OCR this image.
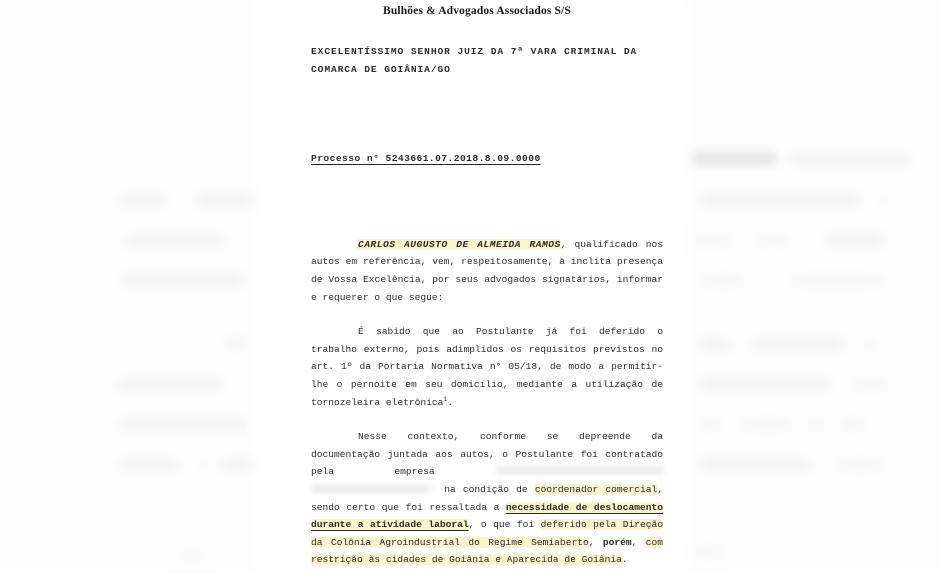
Bulhões & Advogados Associados S/S
EXCELENTÍSSIMO SENHOR JUIZ DA 7ª VARA CRIMINAL DA
COMARCA DE GOIÂNIA/GO
Processo n° 5243661.07.2018.8.09.0000

CARLOS AUGUSTO DE ALMEIDA RAMOS, qualificado nos autos em referência, vem, respeitosamente, à inclita presença de Vossa Excelência, por seus advogados signatários, informar e requerer o que segue:

É sabido que ao Postulante já foi deferido o trabalho externo, pois adimplidos os requisitos previstos no art. 1º da Portaria Normativa n° 05/18, de modo a permitir-lhe o pernoite em seu domicílio, mediante a utilização de tornozeleira eletrônica$^1$.

Nesse contexto, conforme se depreende da documentação juntada aos autos, o Postulante foi contratado pela empresa  na condição de coordenador comercial, sendo certo que foi ressaltada a necessidade de deslocamento durante a atividade laboral, o que foi deferido pela Direção da Colônia Agroindustrial do Regime Semiaberto, porém, com restrição às cidades de Goiânia e Aparecida de Goiânia.
